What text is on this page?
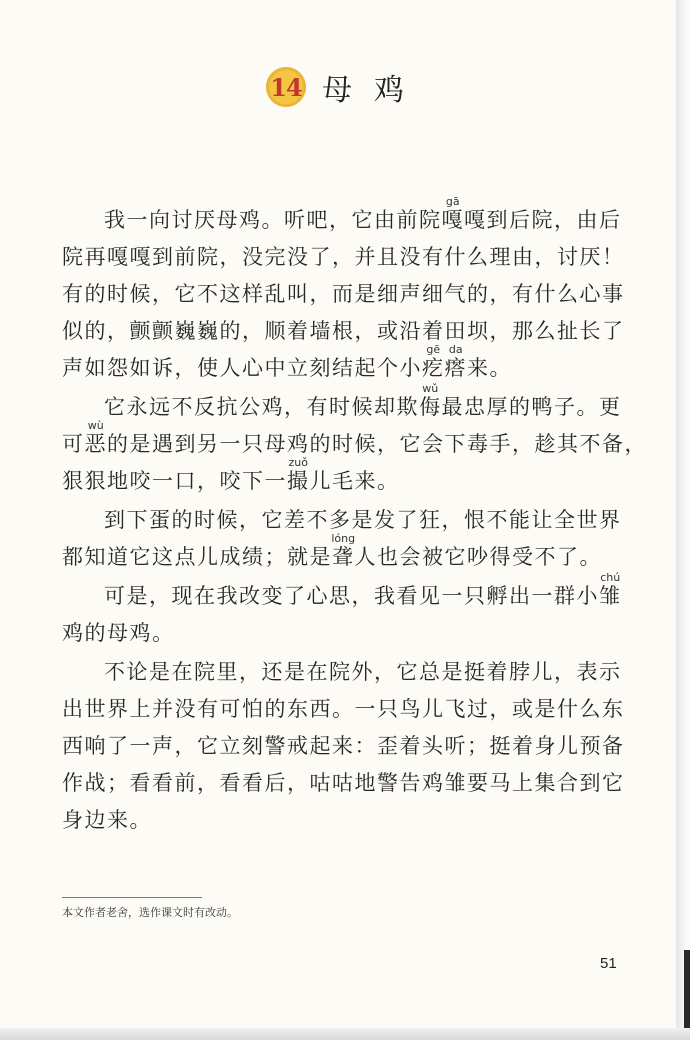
14 母鸡
我一向讨厌母鸡。听吧，它由前院嘎gā嘎到后院，由后
院再嘎嘎到前院，没完没了，并且没有什么理由，讨厌！
有的时候，它不这样乱叫，而是细声细气的，有什么心事
似的，颤颤巍巍的，顺着墙根，或沿着田坝，那么扯长了
声如怨如诉，使人心中立刻结起个小疙gē瘩da来。
它永远不反抗公鸡，有时候却欺侮wǔ最忠厚的鸭子。更
可恶wù的是遇到另一只母鸡的时候，它会下毒手，趁其不备，
狠狠地咬一口，咬下一撮zuǒ儿毛来。
到下蛋的时候，它差不多是发了狂，恨不能让全世界
都知道它这点儿成绩；就是聋lóng人也会被它吵得受不了。
可是，现在我改变了心思，我看见一只孵出一群小雏chú
鸡的母鸡。
不论是在院里，还是在院外，它总是挺着脖儿，表示
出世界上并没有可怕的东西。一只鸟儿飞过，或是什么东
西响了一声，它立刻警戒起来：歪着头听；挺着身儿预备
作战；看看前，看看后，咕咕地警告鸡雏要马上集合到它
身边来。
本文作者老舍，选作课文时有改动。
51
